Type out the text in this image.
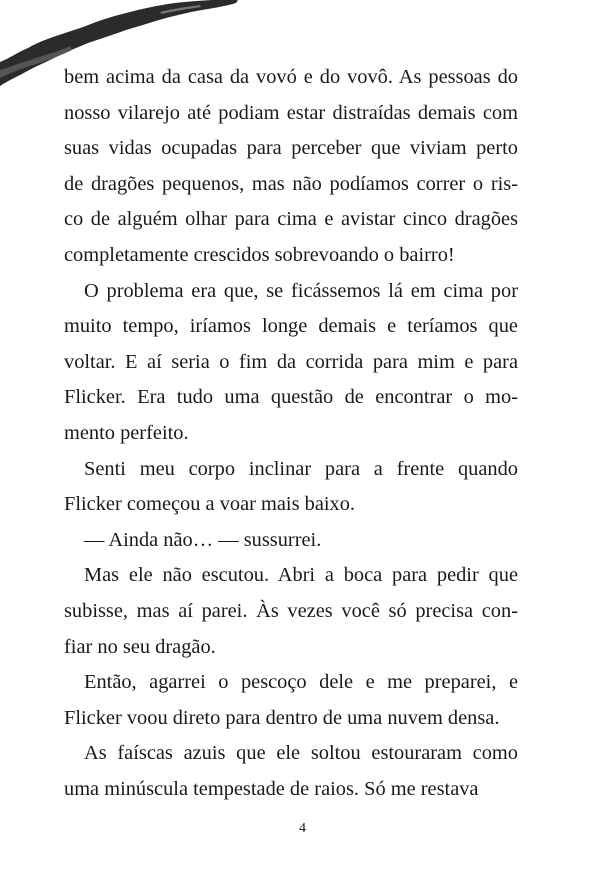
bem acima da casa da vovó e do vovô. As pessoas do
nosso vilarejo até podiam estar distraídas demais com
suas vidas ocupadas para perceber que viviam perto
de dragões pequenos, mas não podíamos correr o ris-
co de alguém olhar para cima e avistar cinco dragões
completamente crescidos sobrevoando o bairro!
O problema era que, se ficássemos lá em cima por
muito tempo, iríamos longe demais e teríamos que
voltar. E aí seria o fim da corrida para mim e para
Flicker. Era tudo uma questão de encontrar o mo-
mento perfeito.
Senti meu corpo inclinar para a frente quando
Flicker começou a voar mais baixo.
— Ainda não… — sussurrei.
Mas ele não escutou. Abri a boca para pedir que
subisse, mas aí parei. Às vezes você só precisa con-
fiar no seu dragão.
Então, agarrei o pescoço dele e me preparei, e
Flicker voou direto para dentro de uma nuvem densa.
As faíscas azuis que ele soltou estouraram como
uma minúscula tempestade de raios. Só me restava
4
